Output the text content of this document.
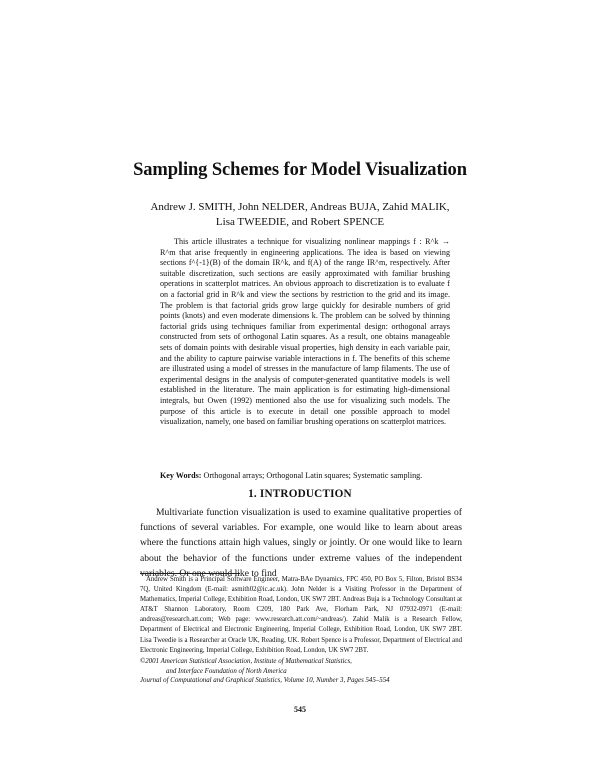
Sampling Schemes for Model Visualization
Andrew J. SMITH, John NELDER, Andreas BUJA, Zahid MALIK,
Lisa TWEEDIE, and Robert SPENCE

This article illustrates a technique for visualizing nonlinear mappings f : R^k → R^m that arise frequently in engineering applications. The idea is based on viewing sections f^{-1}(B) of the domain IR^k, and f(A) of the range IR^m, respectively. After suitable discretization, such sections are easily approximated with familiar brushing operations in scatterplot matrices. An obvious approach to discretization is to evaluate f on a factorial grid in R^k and view the sections by restriction to the grid and its image. The problem is that factorial grids grow large quickly for desirable numbers of grid points (knots) and even moderate dimensions k. The problem can be solved by thinning factorial grids using techniques familiar from experimental design: orthogonal arrays constructed from sets of orthogonal Latin squares. As a result, one obtains manageable sets of domain points with desirable visual properties, high density in each variable pair, and the ability to capture pairwise variable interactions in f. The benefits of this scheme are illustrated using a model of stresses in the manufacture of lamp filaments. The use of experimental designs in the analysis of computer-generated quantitative models is well established in the literature. The main application is for estimating high-dimensional integrals, but Owen (1992) mentioned also the use for visualizing such models. The purpose of this article is to execute in detail one possible approach to model visualization, namely, one based on familiar brushing operations on scatterplot matrices.

Key Words: Orthogonal arrays; Orthogonal Latin squares; Systematic sampling.
1. INTRODUCTION

Multivariate function visualization is used to examine qualitative properties of functions of several variables. For example, one would like to learn about areas where the functions attain high values, singly or jointly. Or one would like to learn about the behavior of the functions under extreme values of the independent variables. Or one would like to find

Andrew Smith is a Principal Software Engineer, Matra-BAe Dynamics, FPC 450, PO Box 5, Filton, Bristol BS34 7Q, United Kingdom (E-mail: asmith02@ic.ac.uk). John Nelder is a Visiting Professor in the Department of Mathematics, Imperial College, Exhibition Road, London, UK SW7 2BT. Andreas Buja is a Technology Consultant at AT&T Shannon Laboratory, Room C209, 180 Park Ave, Florham Park, NJ 07932-0971 (E-mail: andreas@research.att.com; Web page: www.research.att.com/~andreas/). Zahid Malik is a Research Fellow, Department of Electrical and Electronic Engineering, Imperial College, Exhibition Road, London, UK SW7 2BT. Lisa Tweedie is a Researcher at Oracle UK, Reading, UK. Robert Spence is a Professor, Department of Electrical and Electronic Engineering, Imperial College, Exhibition Road, London, UK SW7 2BT.

©2001 American Statistical Association, Institute of Mathematical Statistics,
and Interface Foundation of North America
Journal of Computational and Graphical Statistics, Volume 10, Number 3, Pages 545–554
545
